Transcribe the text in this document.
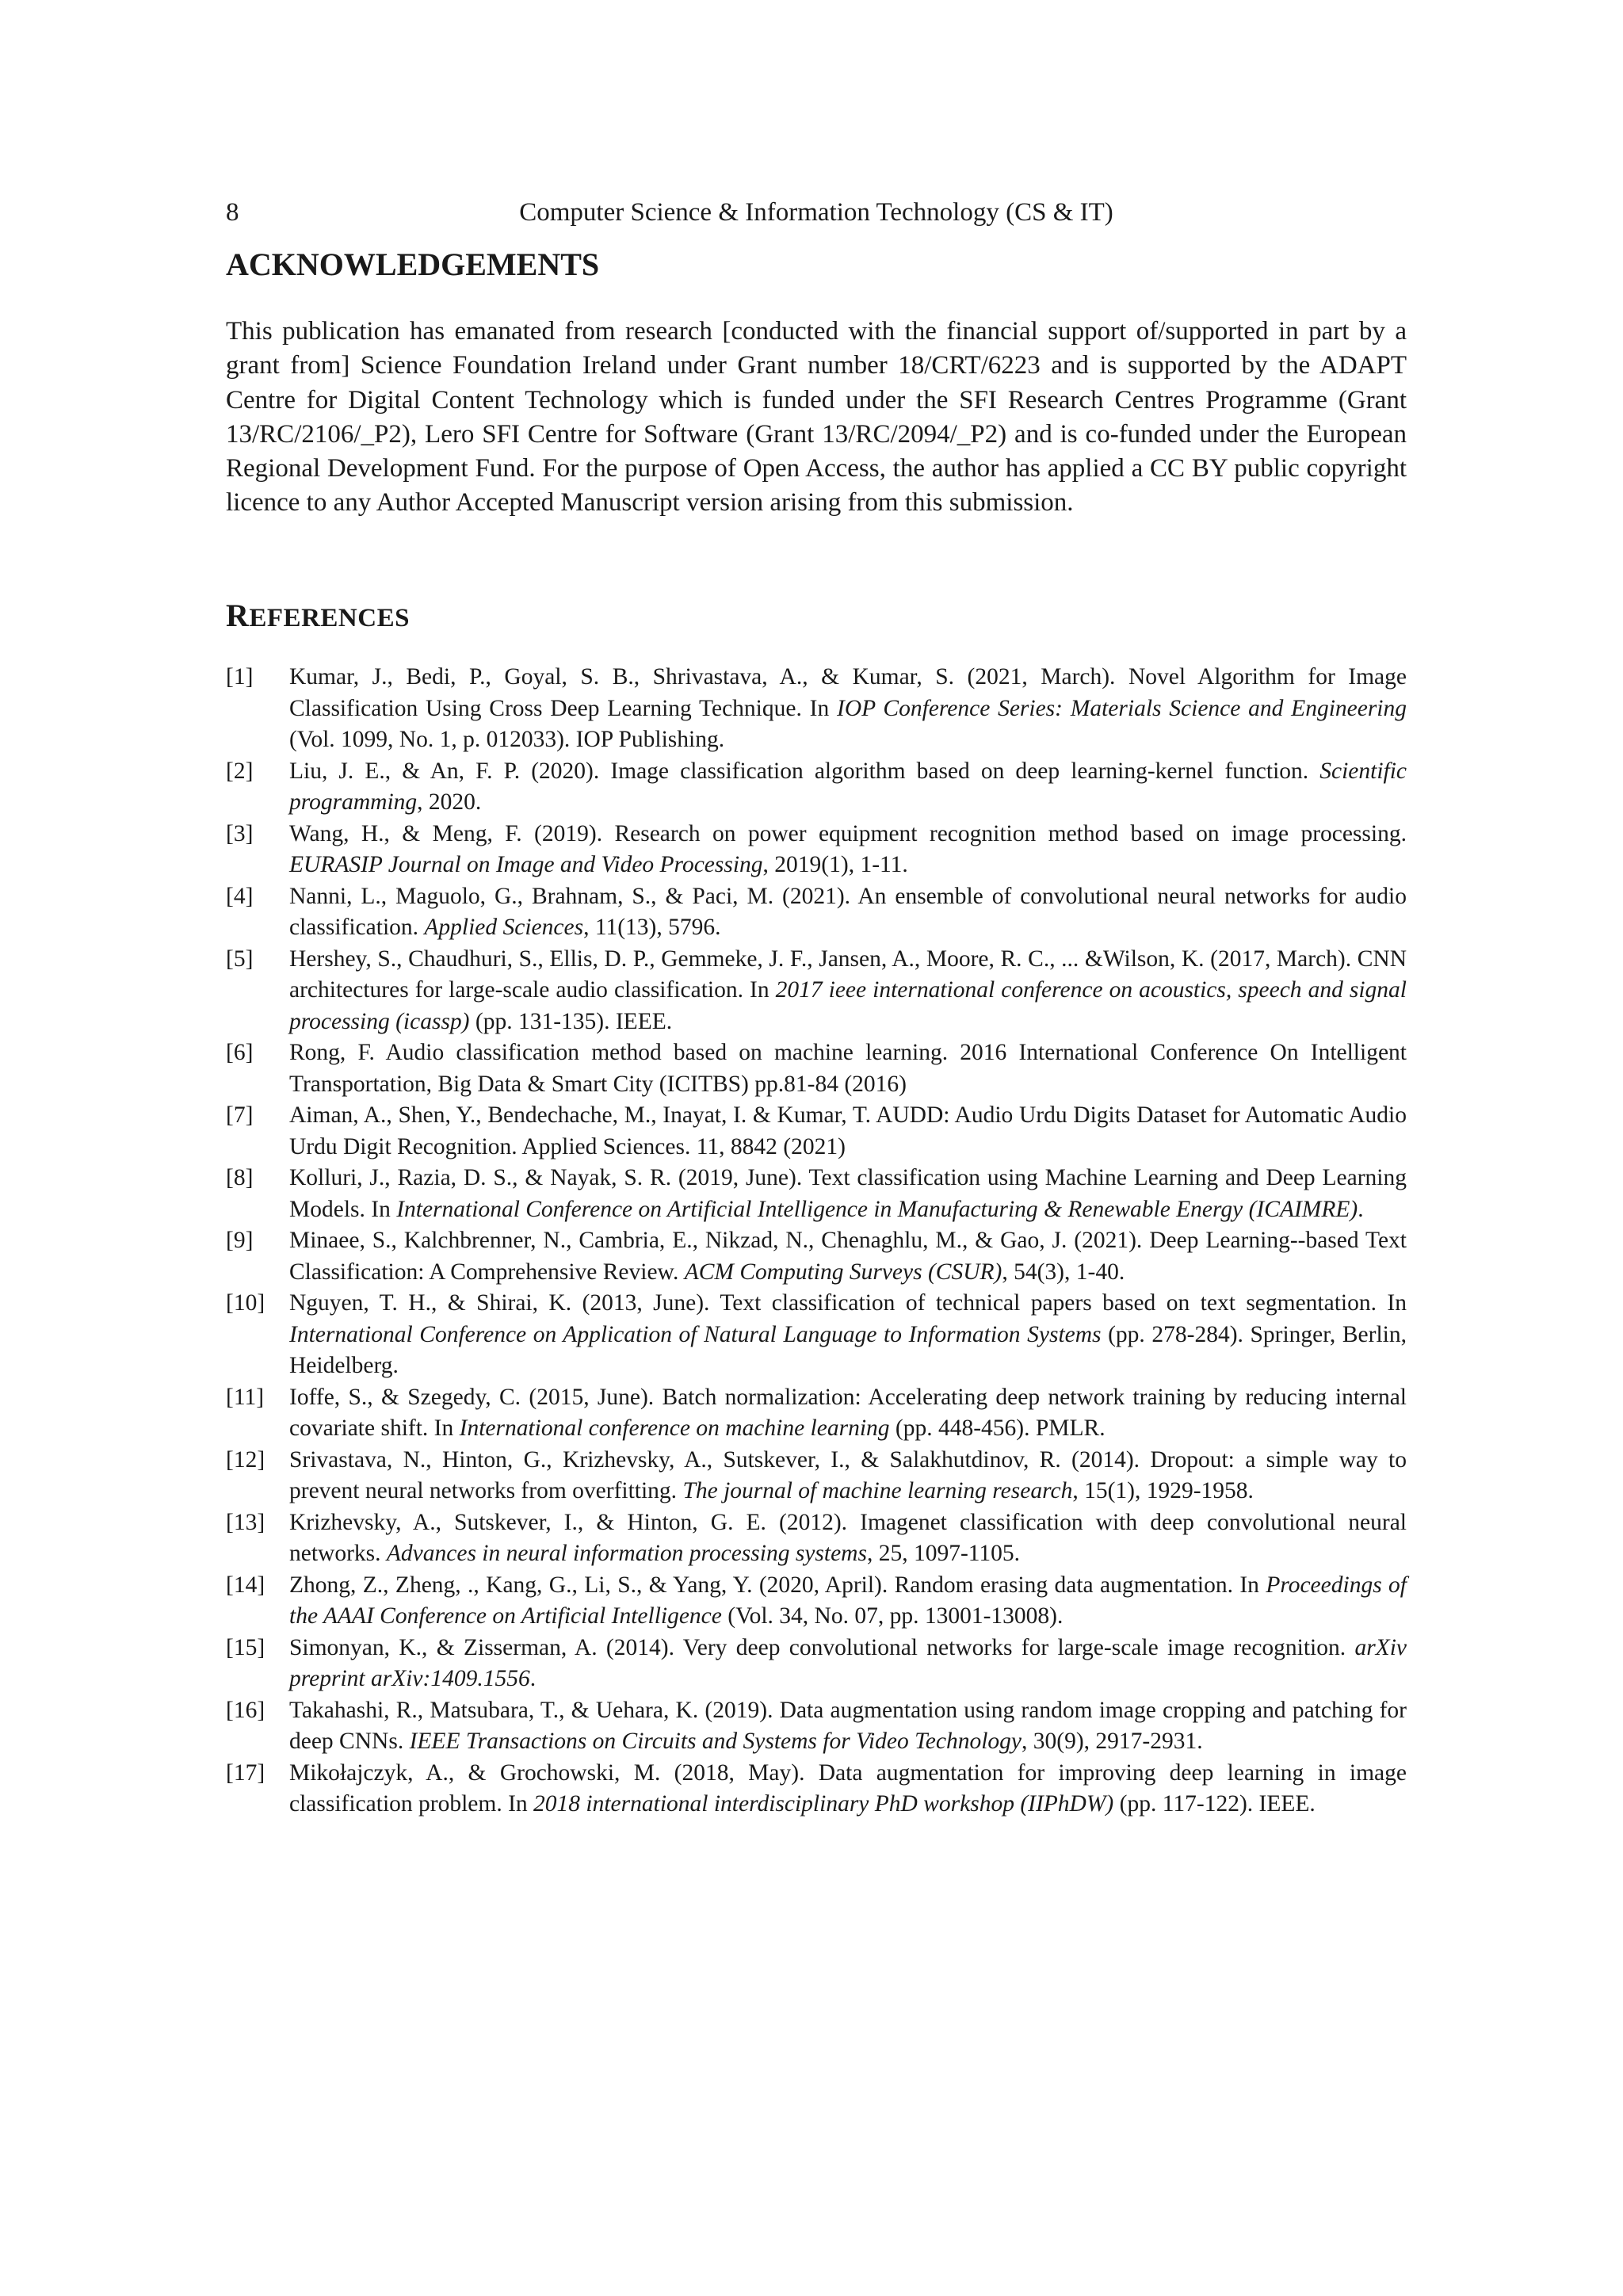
8	Computer Science & Information Technology (CS & IT)
ACKNOWLEDGEMENTS

This publication has emanated from research [conducted with the financial support of/supported in part by a grant from] Science Foundation Ireland under Grant number 18/CRT/6223 and is supported by the ADAPT Centre for Digital Content Technology which is funded under the SFI Research Centres Programme (Grant 13/RC/2106/_P2), Lero SFI Centre for Software (Grant 13/RC/2094/_P2) and is co-funded under the European Regional Development Fund. For the purpose of Open Access, the author has applied a CC BY public copyright licence to any Author Accepted Manuscript version arising from this submission.

REFERENCES
[1] Kumar, J., Bedi, P., Goyal, S. B., Shrivastava, A., & Kumar, S. (2021, March). Novel Algorithm for Image Classification Using Cross Deep Learning Technique. In IOP Conference Series: Materials Science and Engineering (Vol. 1099, No. 1, p. 012033). IOP Publishing.
[2] Liu, J. E., & An, F. P. (2020). Image classification algorithm based on deep learning-kernel function. Scientific programming, 2020.
[3] Wang, H., & Meng, F. (2019). Research on power equipment recognition method based on image processing. EURASIP Journal on Image and Video Processing, 2019(1), 1-11.
[4] Nanni, L., Maguolo, G., Brahnam, S., & Paci, M. (2021). An ensemble of convolutional neural networks for audio classification. Applied Sciences, 11(13), 5796.
[5] Hershey, S., Chaudhuri, S., Ellis, D. P., Gemmeke, J. F., Jansen, A., Moore, R. C., ... &Wilson, K. (2017, March). CNN architectures for large-scale audio classification. In 2017 ieee international conference on acoustics, speech and signal processing (icassp) (pp. 131-135). IEEE.
[6] Rong, F. Audio classification method based on machine learning. 2016 International Conference On Intelligent Transportation, Big Data & Smart City (ICITBS) pp.81-84 (2016)
[7] Aiman, A., Shen, Y., Bendechache, M., Inayat, I. & Kumar, T. AUDD: Audio Urdu Digits Dataset for Automatic Audio Urdu Digit Recognition. Applied Sciences. 11, 8842 (2021)
[8] Kolluri, J., Razia, D. S., & Nayak, S. R. (2019, June). Text classification using Machine Learning and Deep Learning Models. In International Conference on Artificial Intelligence in Manufacturing & Renewable Energy (ICAIMRE).
[9] Minaee, S., Kalchbrenner, N., Cambria, E., Nikzad, N., Chenaghlu, M., & Gao, J. (2021). Deep Learning--based Text Classification: A Comprehensive Review. ACM Computing Surveys (CSUR), 54(3), 1-40.
[10] Nguyen, T. H., & Shirai, K. (2013, June). Text classification of technical papers based on text segmentation. In International Conference on Application of Natural Language to Information Systems (pp. 278-284). Springer, Berlin, Heidelberg.
[11] Ioffe, S., & Szegedy, C. (2015, June). Batch normalization: Accelerating deep network training by reducing internal covariate shift. In International conference on machine learning (pp. 448-456). PMLR.
[12] Srivastava, N., Hinton, G., Krizhevsky, A., Sutskever, I., & Salakhutdinov, R. (2014). Dropout: a simple way to prevent neural networks from overfitting. The journal of machine learning research, 15(1), 1929-1958.
[13] Krizhevsky, A., Sutskever, I., & Hinton, G. E. (2012). Imagenet classification with deep convolutional neural networks. Advances in neural information processing systems, 25, 1097-1105.
[14] Zhong, Z., Zheng, ., Kang, G., Li, S., & Yang, Y. (2020, April). Random erasing data augmentation. In Proceedings of the AAAI Conference on Artificial Intelligence (Vol. 34, No. 07, pp. 13001-13008).
[15] Simonyan, K., & Zisserman, A. (2014). Very deep convolutional networks for large-scale image recognition. arXiv preprint arXiv:1409.1556.
[16] Takahashi, R., Matsubara, T., & Uehara, K. (2019). Data augmentation using random image cropping and patching for deep CNNs. IEEE Transactions on Circuits and Systems for Video Technology, 30(9), 2917-2931.
[17] Mikołajczyk, A., & Grochowski, M. (2018, May). Data augmentation for improving deep learning in image classification problem. In 2018 international interdisciplinary PhD workshop (IIPhDW) (pp. 117-122). IEEE.
